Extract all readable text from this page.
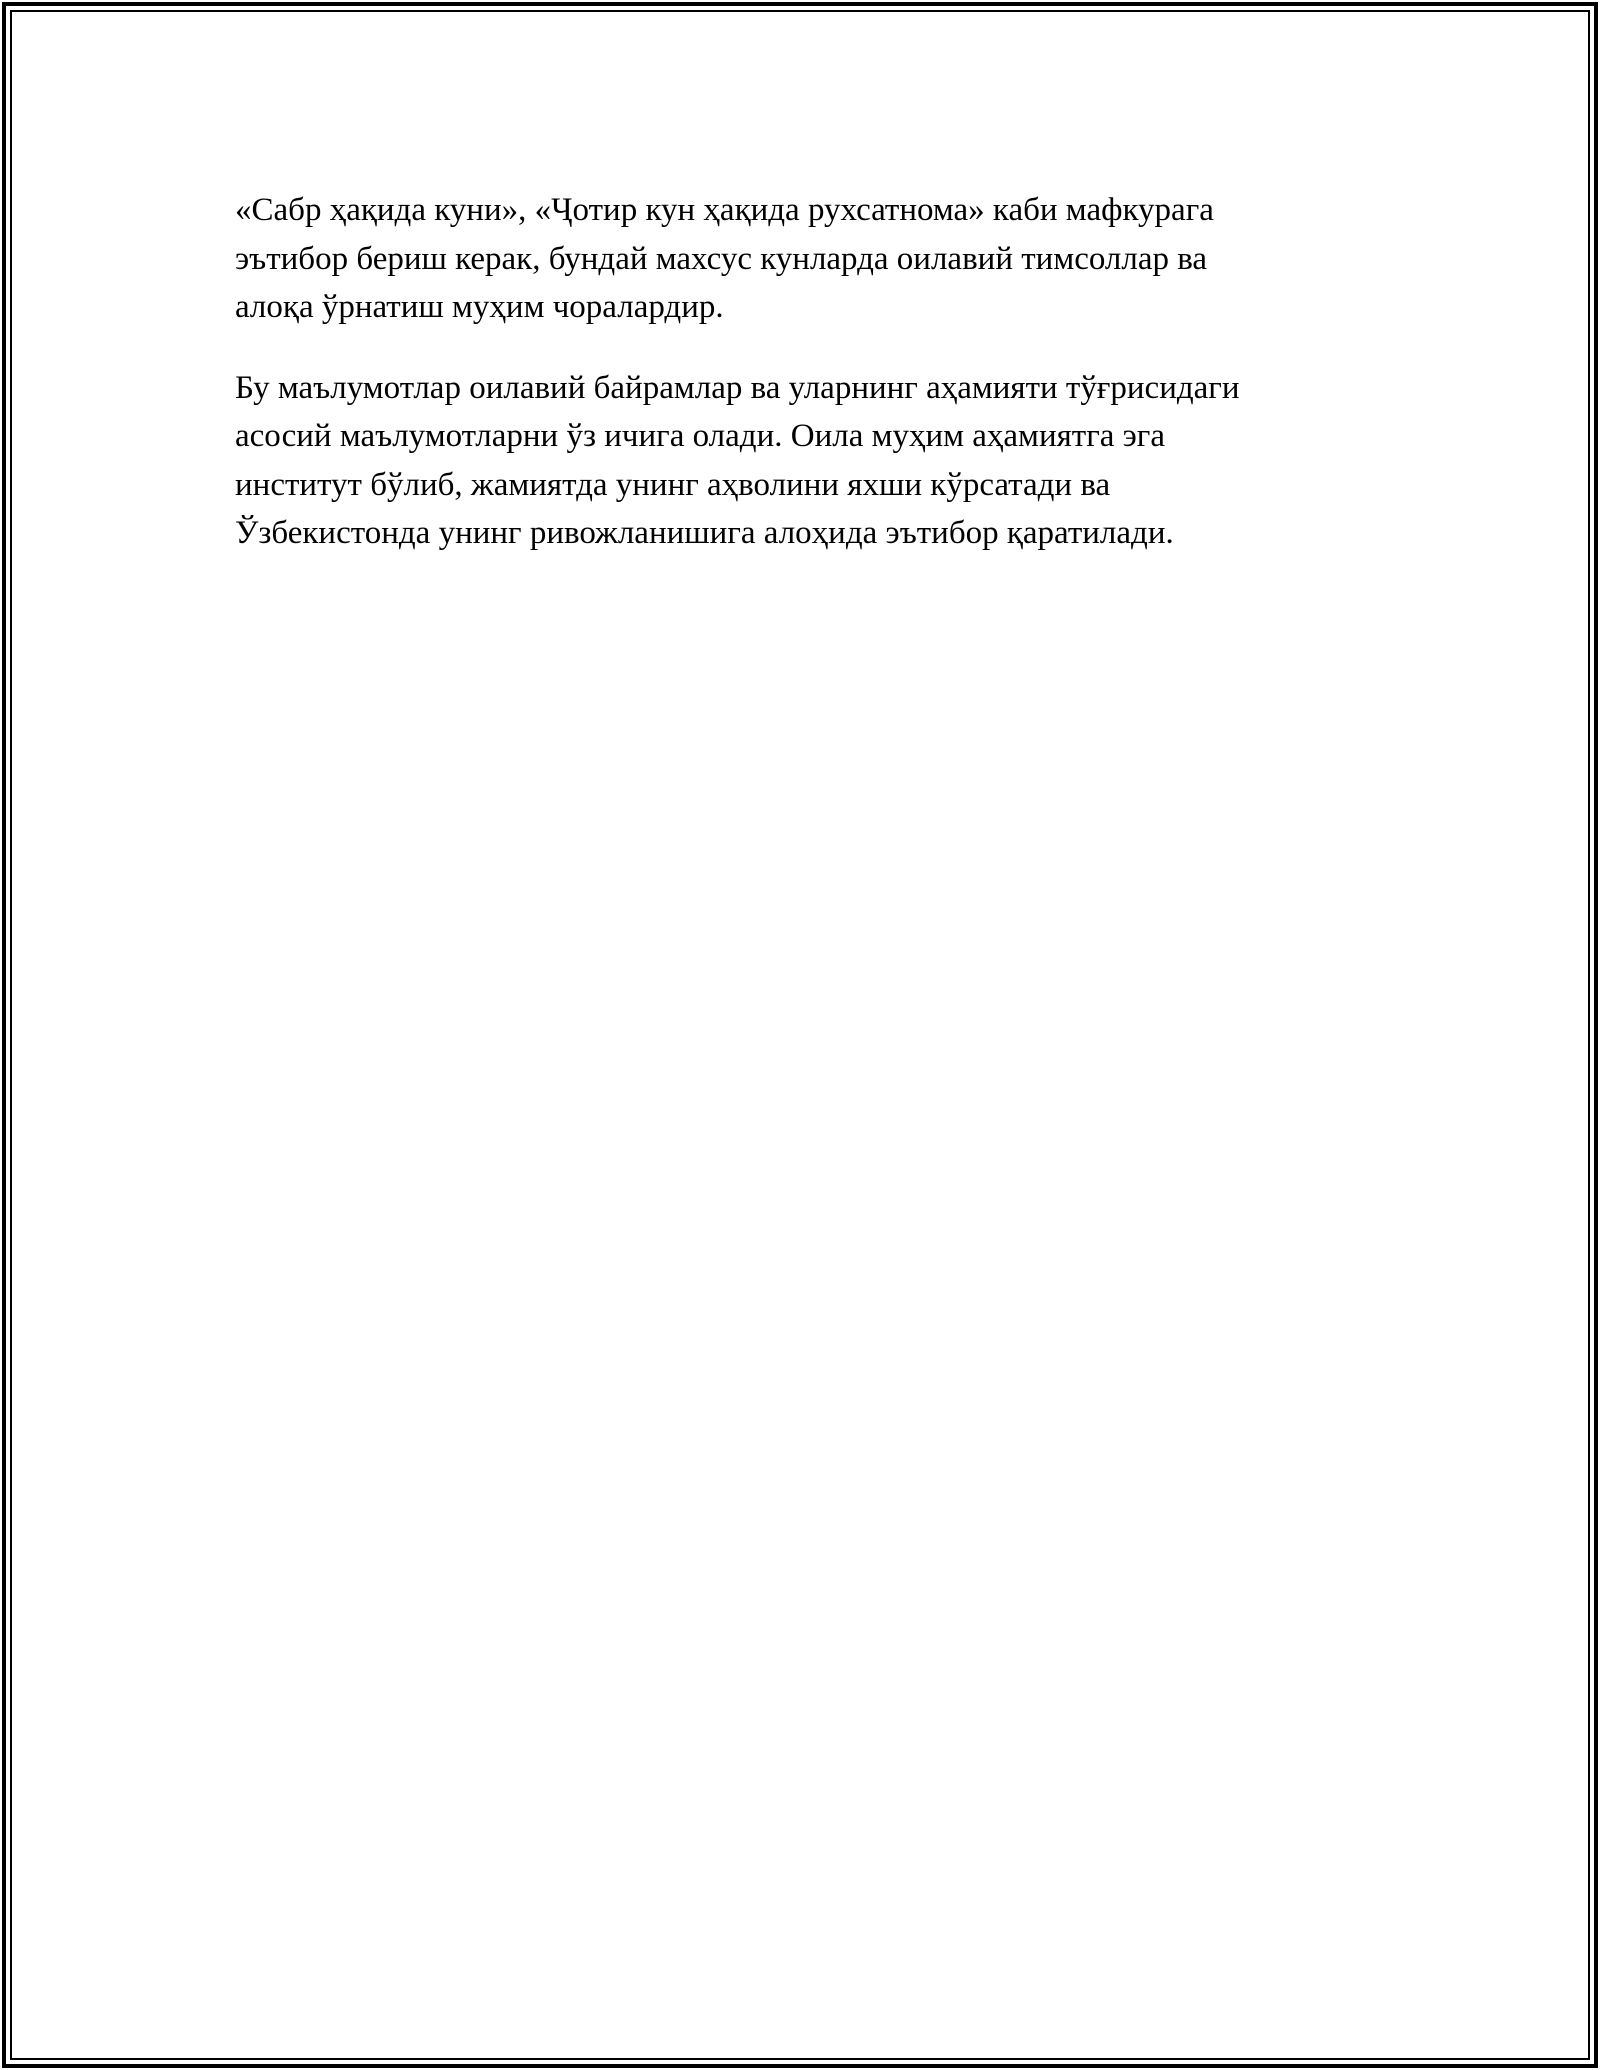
«Сабр ҳақида куни», «Ҷотир кун ҳақида рухсатнома» каби мафкурага
эътибор бериш керак, бундай махсус кунларда оилавий тимсоллар ва
алоқа ўрнатиш муҳим чоралардир.

Бу маълумотлар оилавий байрамлар ва уларнинг аҳамияти тўғрисидаги
асосий маълумотларни ўз ичига олади. Оила муҳим аҳамиятга эга
институт бўлиб, жамиятда унинг аҳволини яхши кўрсатади ва
Ўзбекистонда унинг ривожланишига алоҳида эътибор қаратилади.
